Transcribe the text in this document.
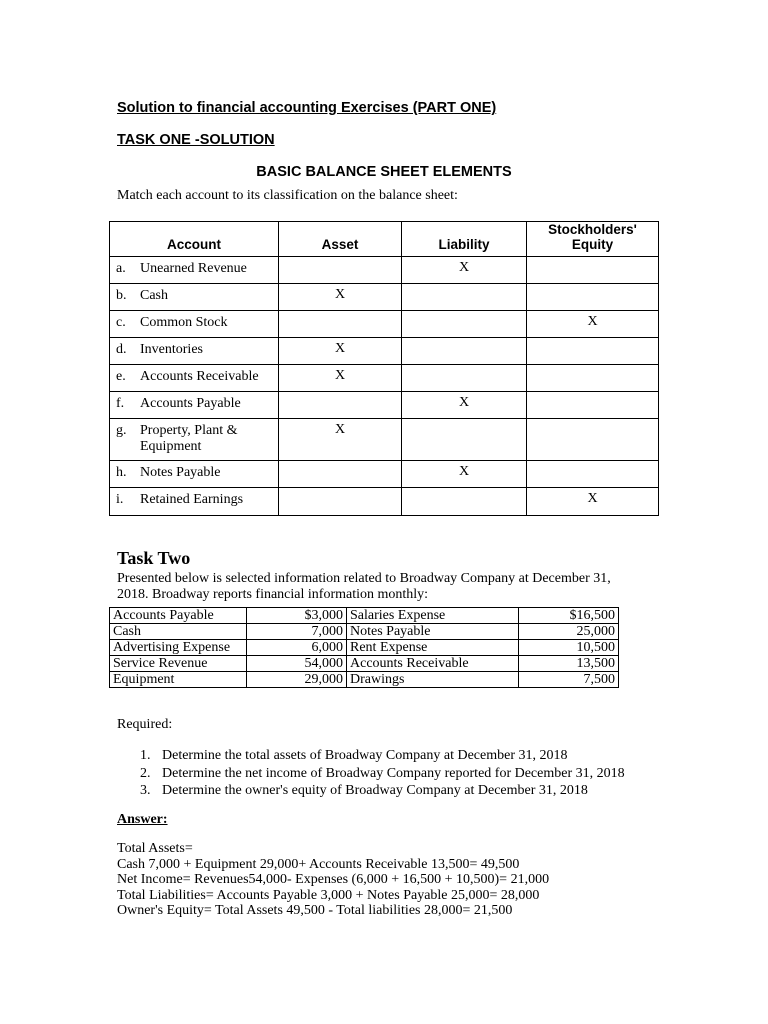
Solution to financial accounting Exercises (PART ONE)
TASK ONE -SOLUTION
BASIC BALANCE SHEET ELEMENTS
Match each account to its classification on the balance sheet:
Account	Asset	Liability	Stockholders'
Equity
a. Unearned Revenue		X	
b. Cash	X		
c. Common Stock			X
d. Inventories	X		
e. Accounts Receivable	X		
f. Accounts Payable		X	
g. Property, Plant & Equipment	X		
h. Notes Payable		X	
i. Retained Earnings			X
Task Two
Presented below is selected information related to Broadway Company at December 31, 2018. Broadway reports financial information monthly:
Accounts Payable	$3,000	Salaries Expense	$16,500
Cash	7,000	Notes Payable	25,000
Advertising Expense	6,000	Rent Expense	10,500
Service Revenue	54,000	Accounts Receivable	13,500
Equipment	29,000	Drawings	7,500
Required:
1. Determine the total assets of Broadway Company at December 31, 2018
2. Determine the net income of Broadway Company reported for December 31, 2018
3. Determine the owner's equity of Broadway Company at December 31, 2018
Answer:
Total Assets=
Cash 7,000 + Equipment 29,000+ Accounts Receivable 13,500= 49,500
Net Income= Revenues54,000- Expenses (6,000 + 16,500 + 10,500)= 21,000
Total Liabilities= Accounts Payable 3,000 + Notes Payable 25,000= 28,000
Owner's Equity= Total Assets 49,500 - Total liabilities 28,000= 21,500
